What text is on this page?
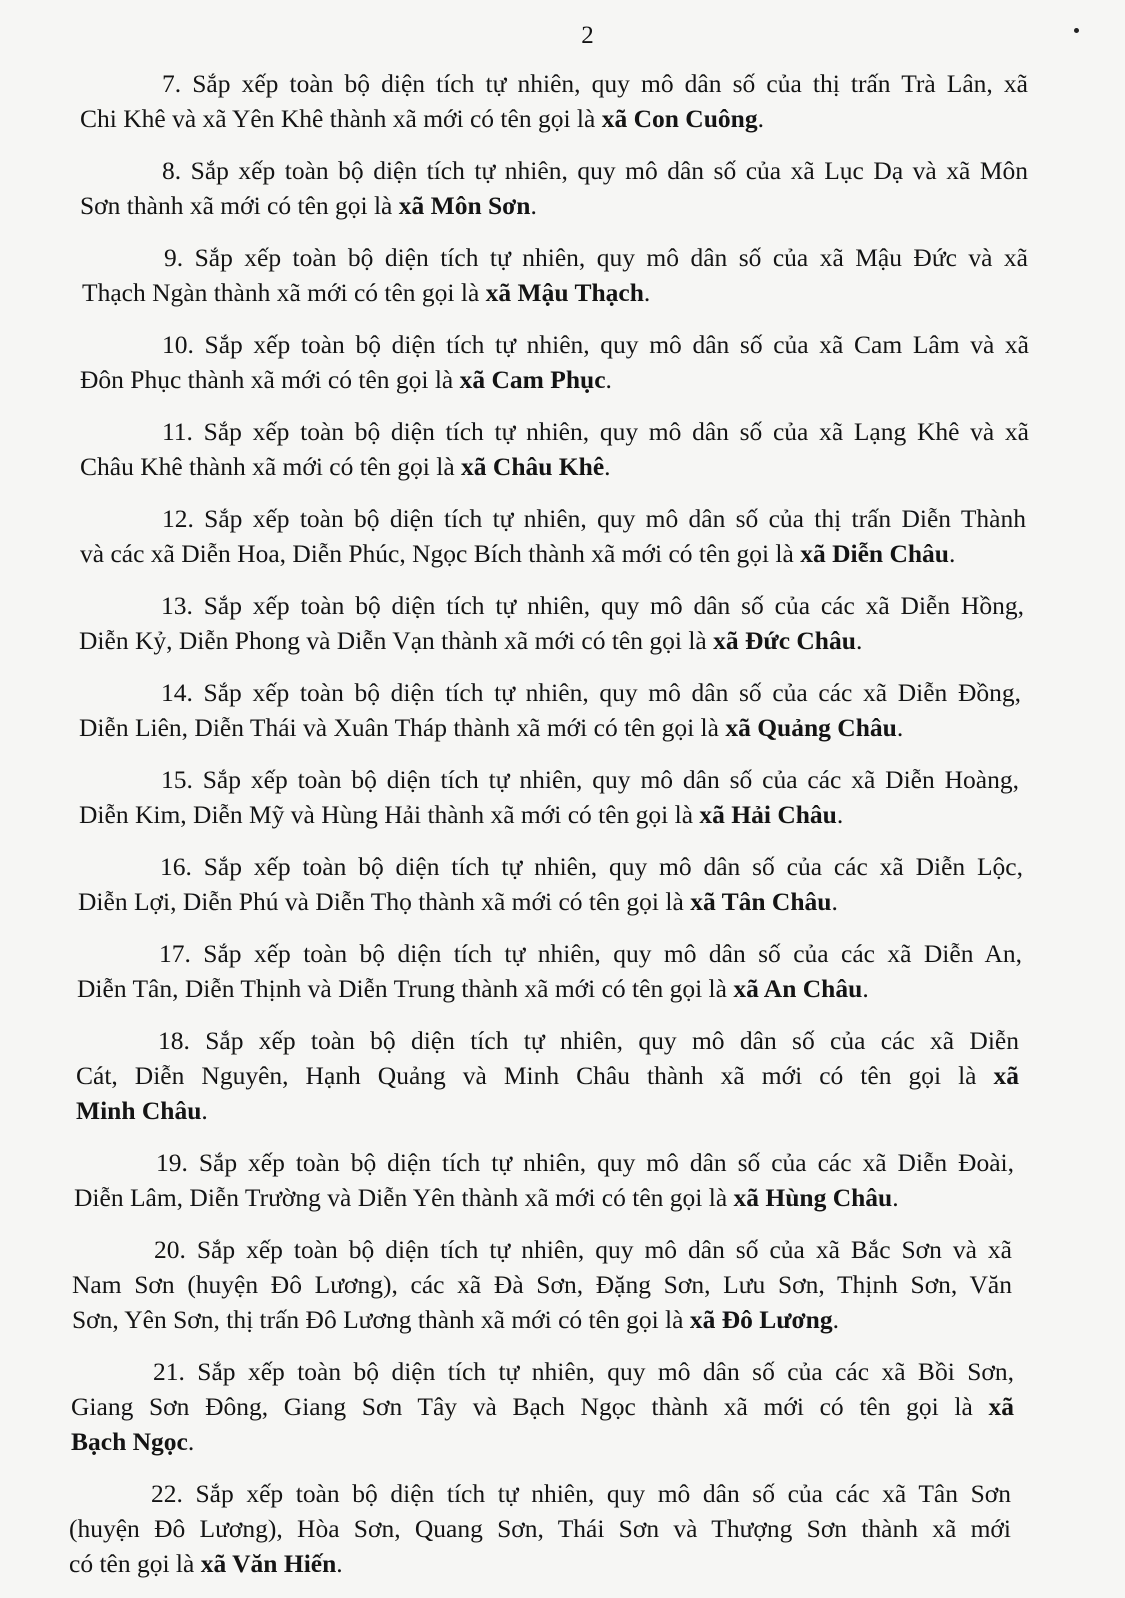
2
7. Sắp xếp toàn bộ diện tích tự nhiên, quy mô dân số của thị trấn Trà Lân, xã
Chi Khê và xã Yên Khê thành xã mới có tên gọi là xã Con Cuông.
8. Sắp xếp toàn bộ diện tích tự nhiên, quy mô dân số của xã Lục Dạ và xã Môn
Sơn thành xã mới có tên gọi là xã Môn Sơn.
9. Sắp xếp toàn bộ diện tích tự nhiên, quy mô dân số của xã Mậu Đức và xã
Thạch Ngàn thành xã mới có tên gọi là xã Mậu Thạch.
10. Sắp xếp toàn bộ diện tích tự nhiên, quy mô dân số của xã Cam Lâm và xã
Đôn Phục thành xã mới có tên gọi là xã Cam Phục.
11. Sắp xếp toàn bộ diện tích tự nhiên, quy mô dân số của xã Lạng Khê và xã
Châu Khê thành xã mới có tên gọi là xã Châu Khê.
12. Sắp xếp toàn bộ diện tích tự nhiên, quy mô dân số của thị trấn Diễn Thành
và các xã Diễn Hoa, Diễn Phúc, Ngọc Bích thành xã mới có tên gọi là xã Diễn Châu.
13. Sắp xếp toàn bộ diện tích tự nhiên, quy mô dân số của các xã Diễn Hồng,
Diễn Kỷ, Diễn Phong và Diễn Vạn thành xã mới có tên gọi là xã Đức Châu.
14. Sắp xếp toàn bộ diện tích tự nhiên, quy mô dân số của các xã Diễn Đồng,
Diễn Liên, Diễn Thái và Xuân Tháp thành xã mới có tên gọi là xã Quảng Châu.
15. Sắp xếp toàn bộ diện tích tự nhiên, quy mô dân số của các xã Diễn Hoàng,
Diễn Kim, Diễn Mỹ và Hùng Hải thành xã mới có tên gọi là xã Hải Châu.
16. Sắp xếp toàn bộ diện tích tự nhiên, quy mô dân số của các xã Diễn Lộc,
Diễn Lợi, Diễn Phú và Diễn Thọ thành xã mới có tên gọi là xã Tân Châu.
17. Sắp xếp toàn bộ diện tích tự nhiên, quy mô dân số của các xã Diễn An,
Diễn Tân, Diễn Thịnh và Diễn Trung thành xã mới có tên gọi là xã An Châu.
18. Sắp xếp toàn bộ diện tích tự nhiên, quy mô dân số của các xã Diễn
Cát, Diễn Nguyên, Hạnh Quảng và Minh Châu thành xã mới có tên gọi là xã
Minh Châu.
19. Sắp xếp toàn bộ diện tích tự nhiên, quy mô dân số của các xã Diễn Đoài,
Diễn Lâm, Diễn Trường và Diễn Yên thành xã mới có tên gọi là xã Hùng Châu.
20. Sắp xếp toàn bộ diện tích tự nhiên, quy mô dân số của xã Bắc Sơn và xã
Nam Sơn (huyện Đô Lương), các xã Đà Sơn, Đặng Sơn, Lưu Sơn, Thịnh Sơn, Văn
Sơn, Yên Sơn, thị trấn Đô Lương thành xã mới có tên gọi là xã Đô Lương.
21. Sắp xếp toàn bộ diện tích tự nhiên, quy mô dân số của các xã Bồi Sơn,
Giang Sơn Đông, Giang Sơn Tây và Bạch Ngọc thành xã mới có tên gọi là xã
Bạch Ngọc.
22. Sắp xếp toàn bộ diện tích tự nhiên, quy mô dân số của các xã Tân Sơn
(huyện Đô Lương), Hòa Sơn, Quang Sơn, Thái Sơn và Thượng Sơn thành xã mới
có tên gọi là xã Văn Hiến.
